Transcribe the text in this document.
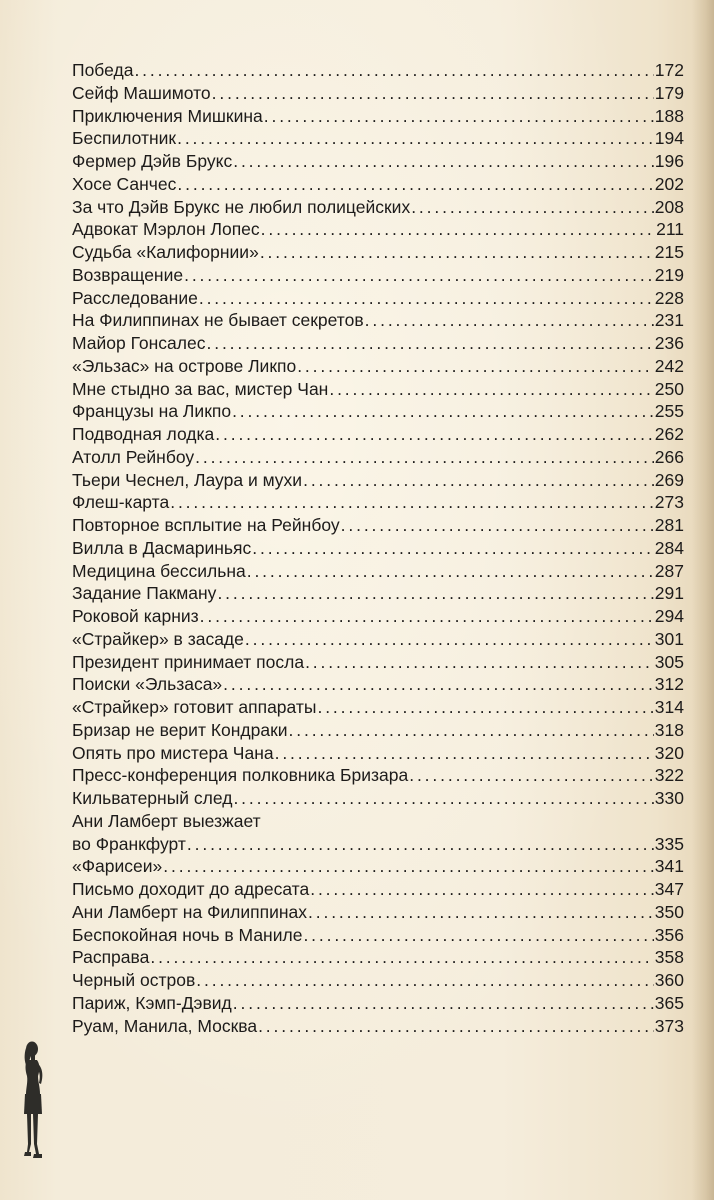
Победа . . .	172
Сейф Машимото . . .	179
Приключения Мишкина . . .	188
Беспилотник . . .	194
Фермер Дэйв Брукс . . .	196
Хосе Санчес . . .	202
За что Дэйв Брукс не любил полицейских . . .	208
Адвокат Мэрлон Лопес . . .	211
Судьба «Калифорнии» . . .	215
Возвращение . . .	219
Расследование . . .	228
На Филиппинах не бывает секретов . . .	231
Майор Гонсалес . . .	236
«Эльзас» на острове Ликпо . . .	242
Мне стыдно за вас, мистер Чан . . .	250
Французы на Ликпо . . .	255
Подводная лодка . . .	262
Атолл Рейнбоу . . .	266
Тьери Чеснел, Лаура и мухи . . .	269
Флеш-карта . . .	273
Повторное всплытие на Рейнбоу . . .	281
Вилла в Дасмариньяс . . .	284
Медицина бессильна . . .	287
Задание Пакману . . .	291
Роковой карниз . . .	294
«Страйкер» в засаде . . .	301
Президент принимает посла . . .	305
Поиски «Эльзаса» . . .	312
«Страйкер» готовит аппараты . . .	314
Бризар не верит Кондраки . . .	318
Опять про мистера Чана . . .	320
Пресс-конференция полковника Бризара . . .	322
Кильватерный след . . .	330
Ани Ламберт выезжает
во Франкфурт . . .	335
«Фарисеи» . . .	341
Письмо доходит до адресата . . .	347
Ани Ламберт на Филиппинах . . .	350
Беспокойная ночь в Маниле . . .	356
Расправа . . .	358
Черный остров . . .	360
Париж, Кэмп-Дэвид . . .	365
Руам, Манила, Москва . . .	373
